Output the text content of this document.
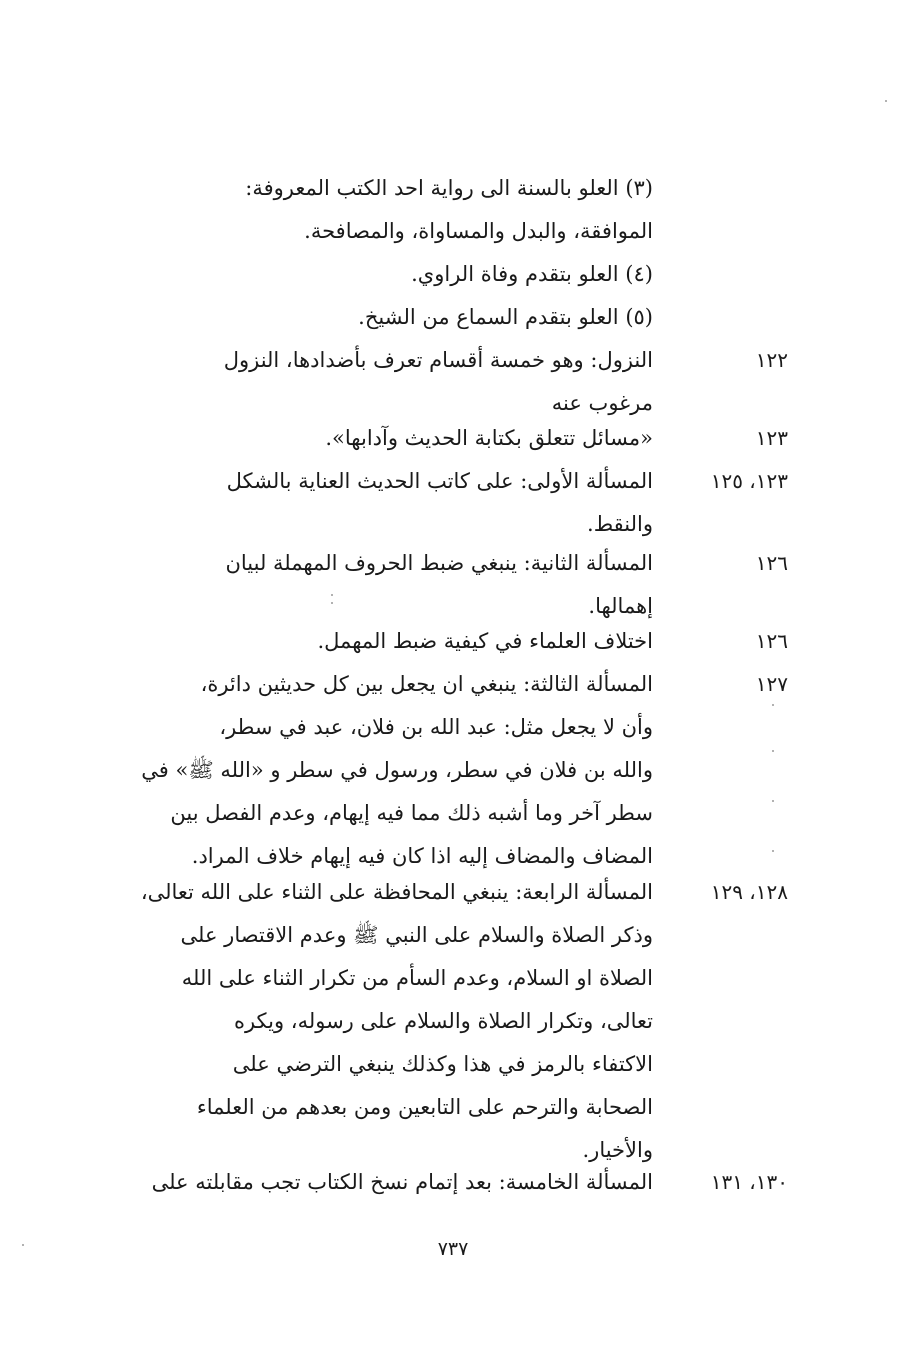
(٣) العلو بالسنة الى رواية احد الكتب المعروفة:
الموافقة، والبدل والمساواة، والمصافحة.
(٤) العلو بتقدم وفاة الراوي.
(٥) العلو بتقدم السماع من الشيخ.
١٢٢
النزول: وهو خمسة أقسام تعرف بأضدادها، النزول
مرغوب عنه
١٢٣
«مسائل تتعلق بكتابة الحديث وآدابها».
١٢٣، ١٢٥
المسألة الأولى: على كاتب الحديث العناية بالشكل
والنقط.
١٢٦
المسألة الثانية: ينبغي ضبط الحروف المهملة لبيان
إهمالها.
١٢٦
اختلاف العلماء في كيفية ضبط المهمل.
١٢٧
المسألة الثالثة: ينبغي ان يجعل بين كل حديثين دائرة،
وأن لا يجعل مثل: عبد الله بن فلان، عبد في سطر،
والله بن فلان في سطر، ورسول في سطر و «الله ﷺ» في
سطر آخر وما أشبه ذلك مما فيه إيهام، وعدم الفصل بين
المضاف والمضاف إليه اذا كان فيه إيهام خلاف المراد.
١٢٨، ١٢٩
المسألة الرابعة: ينبغي المحافظة على الثناء على الله تعالى،
وذكر الصلاة والسلام على النبي ﷺ وعدم الاقتصار على
الصلاة او السلام، وعدم السأم من تكرار الثناء على الله
تعالى، وتكرار الصلاة والسلام على رسوله، ويكره
الاكتفاء بالرمز في هذا وكذلك ينبغي الترضي على
الصحابة والترحم على التابعين ومن بعدهم من العلماء
والأخيار.
١٣٠، ١٣١
المسألة الخامسة: بعد إتمام نسخ الكتاب تجب مقابلته على
٧٣٧
